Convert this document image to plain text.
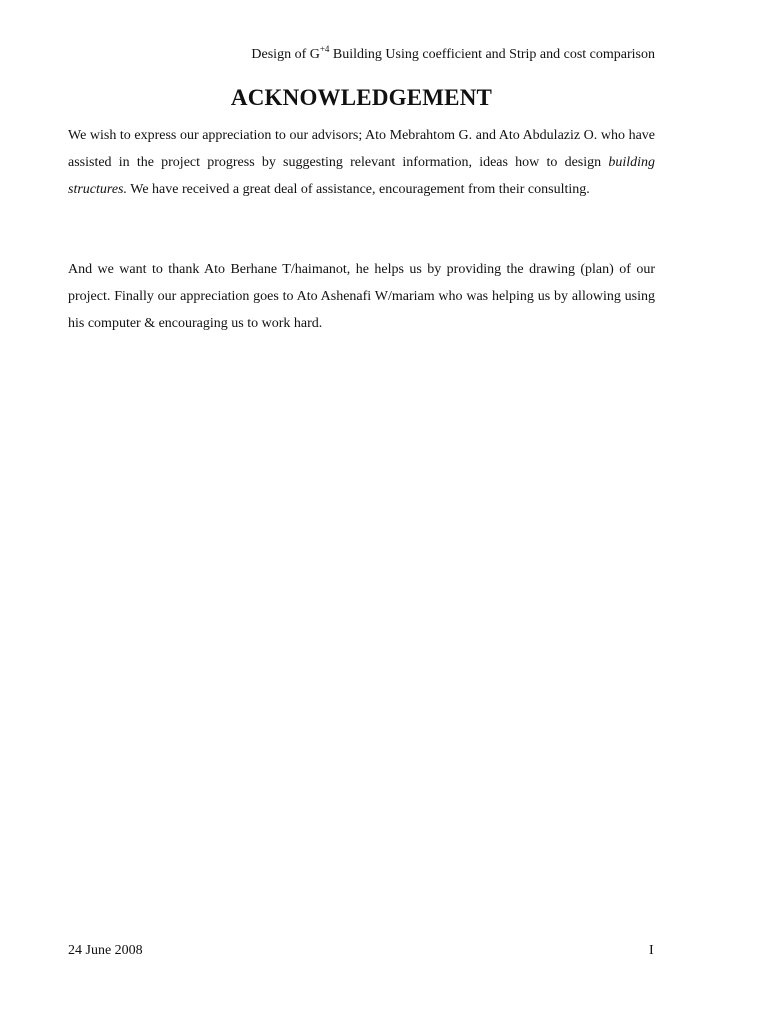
Design of $G^{+4}$ Building Using coefficient and Strip and cost comparison
ACKNOWLEDGEMENT
We wish to express our appreciation to our advisors; Ato Mebrahtom G. and Ato Abdulaziz O. who have assisted in the project progress by suggesting relevant information, ideas how to design building structures. We have received a great deal of assistance, encouragement from their consulting.
And we want to thank Ato Berhane T/haimanot, he helps us by providing the drawing (plan) of our project. Finally our appreciation goes to Ato Ashenafi W/mariam who was helping us by allowing using his computer & encouraging us to work hard.
24 June 2008	I
